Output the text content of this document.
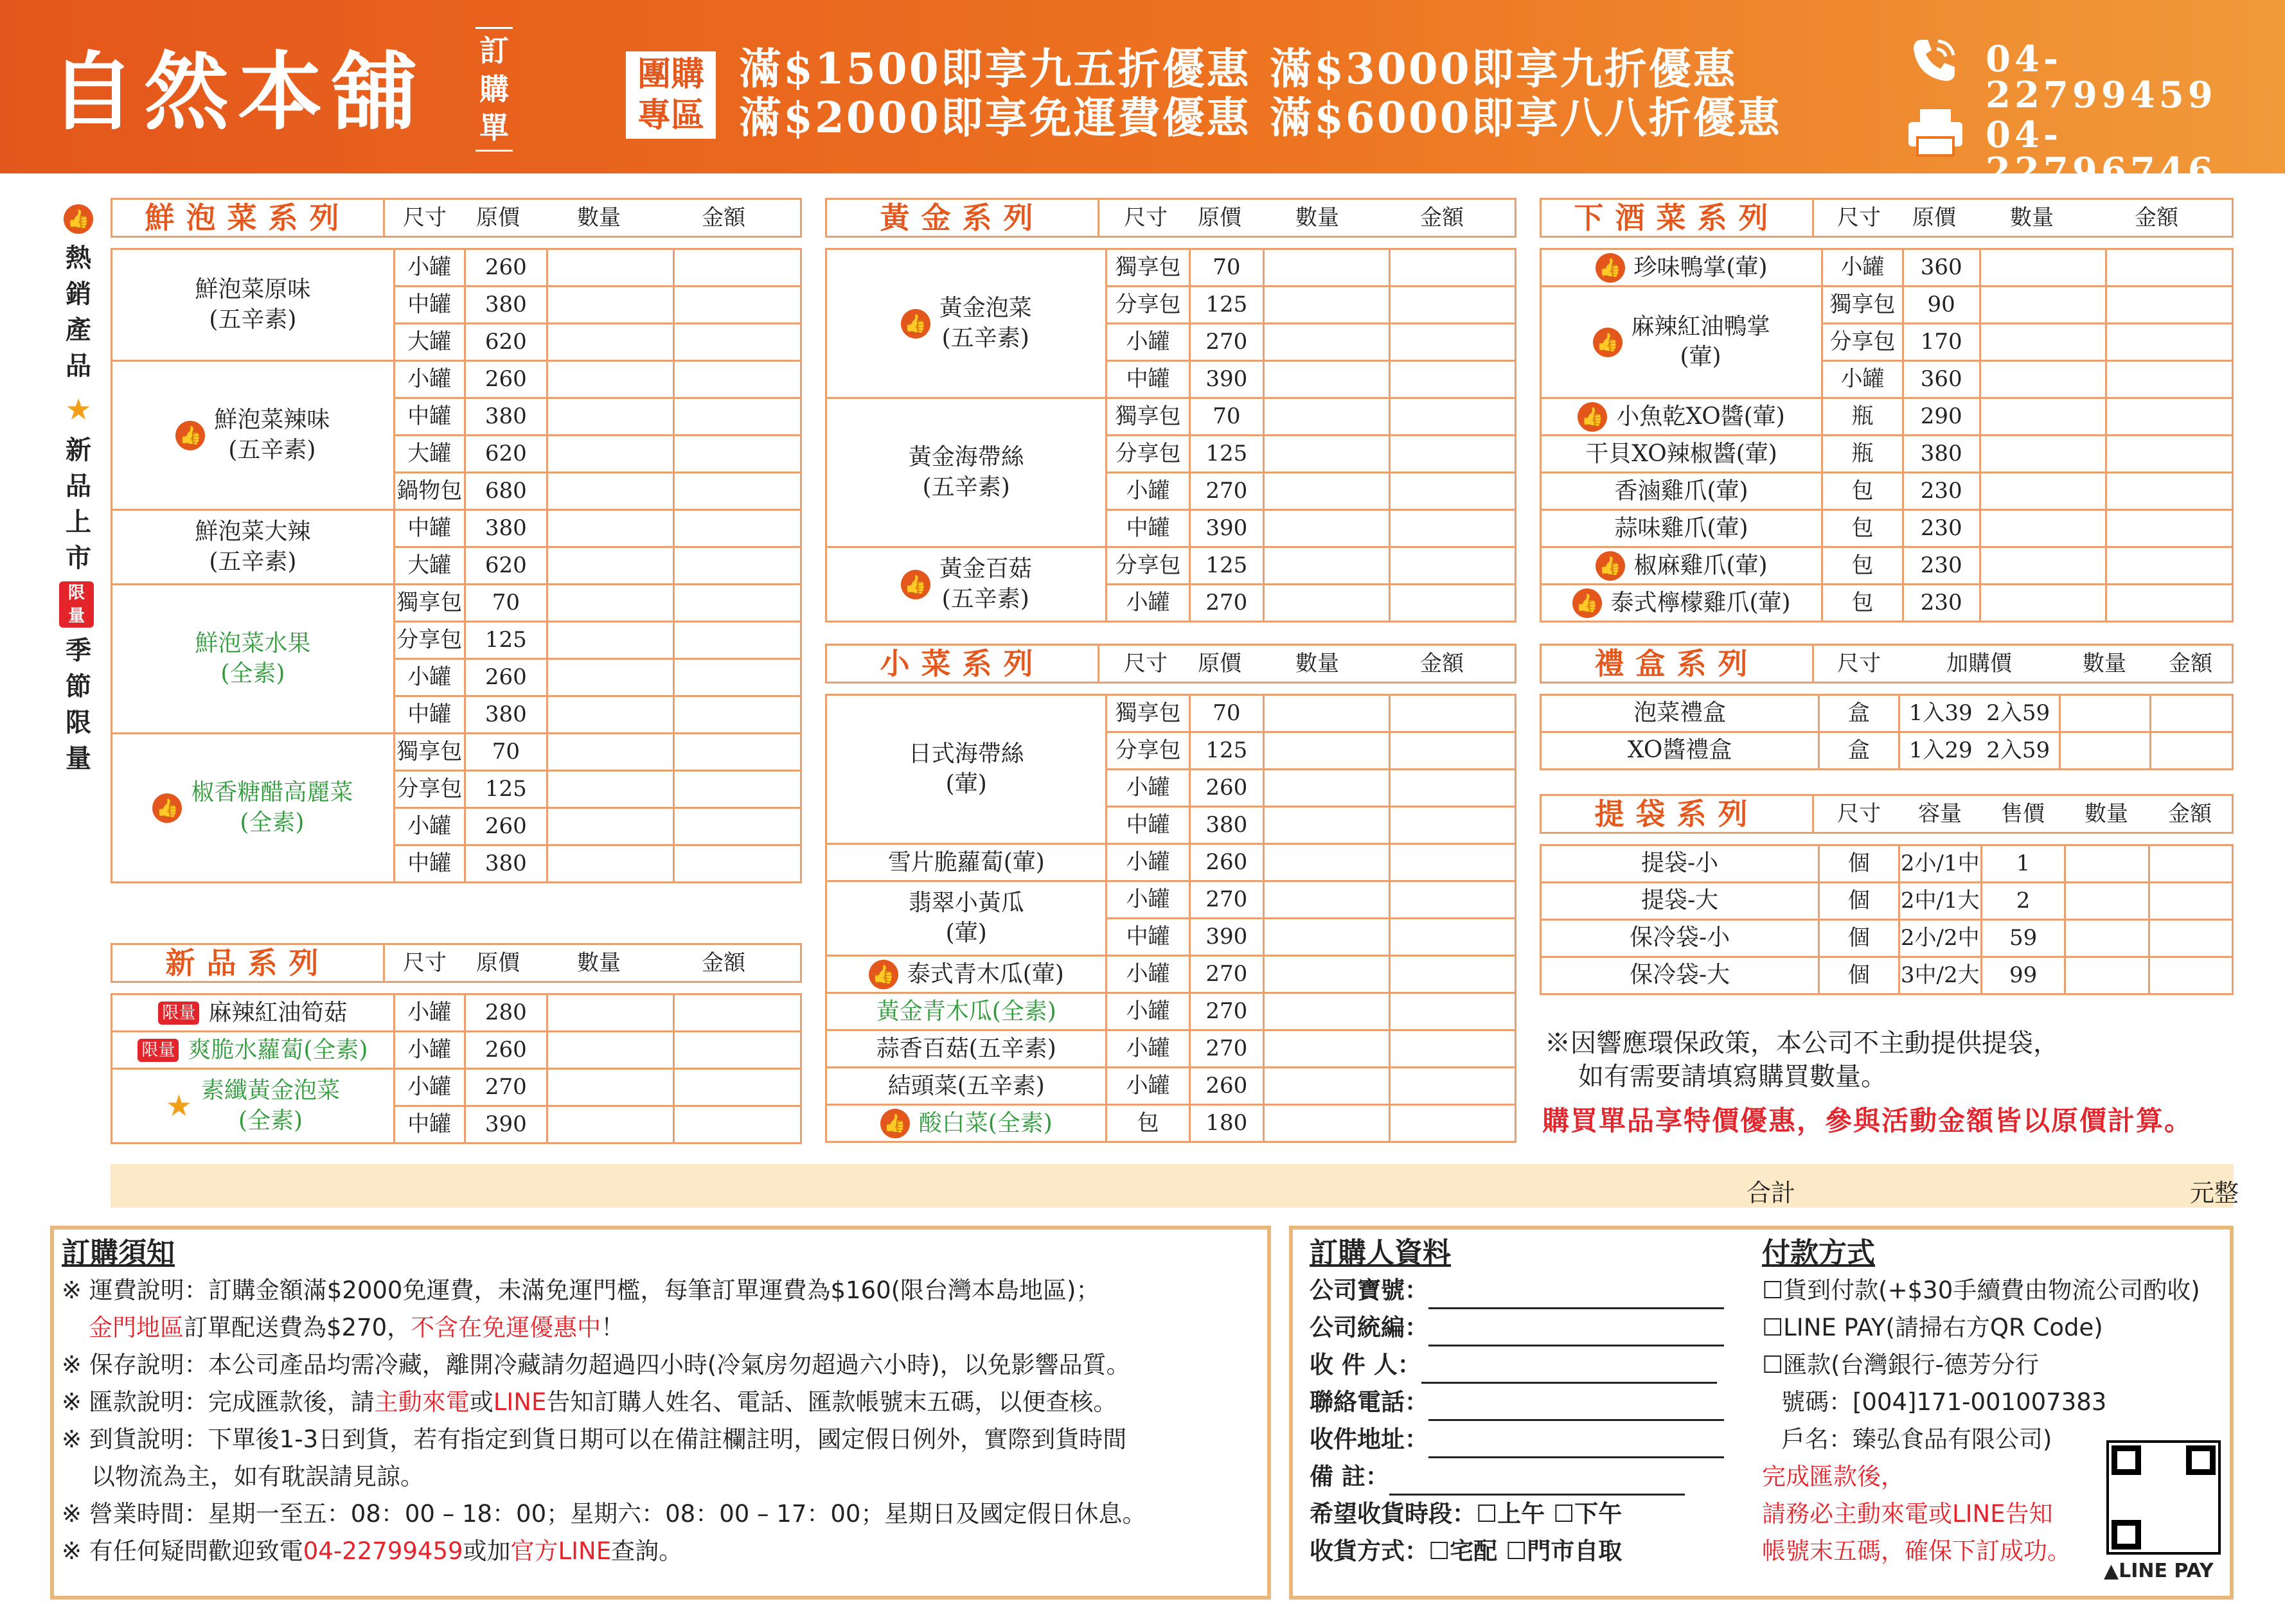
自然本舖 訂購單
團購專區
滿$1500即享九五折優惠 滿$3000即享九折優惠
滿$2000即享免運費優惠 滿$6000即享八八折優惠
04-22799459
04-22796746
👍
熱銷產品
★
新品上市
限量
季節限量
鮮泡菜系列	尺寸	原價	數量	金額
新品系列	尺寸	原價	數量	金額
黃金系列	尺寸	原價	數量	金額
小菜系列	尺寸	原價	數量	金額
下酒菜系列	尺寸	原價	數量	金額
禮盒系列	尺寸	加購價	數量	金額
提袋系列	尺寸	容量	售價	數量	金額
鮮泡菜原味
(五辛素)	小罐	260		
	中罐	380		
	大罐	620		
👍鮮泡菜辣味
(五辛素)	小罐	260		
	中罐	380		
	大罐	620		
	鍋物包	680		
鮮泡菜大辣
(五辛素)	中罐	380		
	大罐	620		
鮮泡菜水果
(全素)	獨享包	70		
	分享包	125		
	小罐	260		
	中罐	380		
👍椒香糖醋高麗菜
(全素)	獨享包	70		
	分享包	125		
	小罐	260		
	中罐	380		
限量 麻辣紅油筍菇	小罐	280		
限量 爽脆水蘿蔔(全素)	小罐	260		
★ 素纖黃金泡菜
(全素)	小罐	270		
	中罐	390		
👍黃金泡菜
(五辛素)	獨享包	70		
	分享包	125		
	小罐	270		
	中罐	390		
黃金海帶絲
(五辛素)	獨享包	70		
	分享包	125		
	小罐	270		
	中罐	390		
👍黃金百菇
(五辛素)	分享包	125		
	小罐	270		
日式海帶絲
(葷)	獨享包	70		
	分享包	125		
	小罐	260		
	中罐	380		
雪片脆蘿蔔(葷)	小罐	260		
翡翠小黃瓜
(葷)	小罐	270		
	中罐	390		
👍 泰式青木瓜(葷)	小罐	270		
黃金青木瓜(全素)	小罐	270		
蒜香百菇(五辛素)	小罐	270		
結頭菜(五辛素)	小罐	260		
👍 酸白菜(全素)	包	180		
👍 珍味鴨掌(葷)	小罐	360		
👍麻辣紅油鴨掌
(葷)	獨享包	90		
	分享包	170		
	小罐	360		
👍 小魚乾XO醬(葷)	瓶	290		
干貝XO辣椒醬(葷)	瓶	380		
香滷雞爪(葷)	包	230		
蒜味雞爪(葷)	包	230		
👍 椒麻雞爪(葷)	包	230		
👍 泰式檸檬雞爪(葷)	包	230		
泡菜禮盒	盒	1入39  2入59		
XO醬禮盒	盒	1入29  2入59		
提袋-小	個	2小/1中	1		
提袋-大	個	2中/1大	2		
保冷袋-小	個	2小/2中	59		
保冷袋-大	個	3中/2大	99		
※因響應環保政策，本公司不主動提供提袋，
如有需要請填寫購買數量。
購買單品享特價優惠，參與活動金額皆以原價計算。
合計	元整
訂購須知
※ 運費說明：訂購金額滿$2000免運費，未滿免運門檻，每筆訂單運費為$160(限台灣本島地區)；
金門地區訂單配送費為$270，不含在免運優惠中！
※ 保存說明：本公司產品均需冷藏，離開冷藏請勿超過四小時(冷氣房勿超過六小時)，以免影響品質。
※ 匯款說明：完成匯款後，請主動來電或LINE告知訂購人姓名、電話、匯款帳號末五碼，以便查核。
※ 到貨說明：下單後1-3日到貨，若有指定到貨日期可以在備註欄註明，國定假日例外，實際到貨時間
以物流為主，如有耽誤請見諒。
※ 營業時間：星期一至五：08：00 – 18：00；星期六：08：00 – 17：00；星期日及國定假日休息。
※ 有任何疑問歡迎致電04-22799459或加官方LINE查詢。
訂購人資料
公司寶號：
公司統編：
收 件 人：
聯絡電話：
收件地址：
備 註：
希望收貨時段：☐上午 ☐下午
收貨方式：☐宅配 ☐門市自取
付款方式
☐貨到付款(+$30手續費由物流公司酌收)
☐LINE PAY(請掃右方QR Code)
☐匯款(台灣銀行-德芳分行
號碼：[004]171-001007383
戶名：臻弘食品有限公司)
完成匯款後，
請務必主動來電或LINE告知
帳號末五碼，確保下訂成功。
▲LINE PAY
